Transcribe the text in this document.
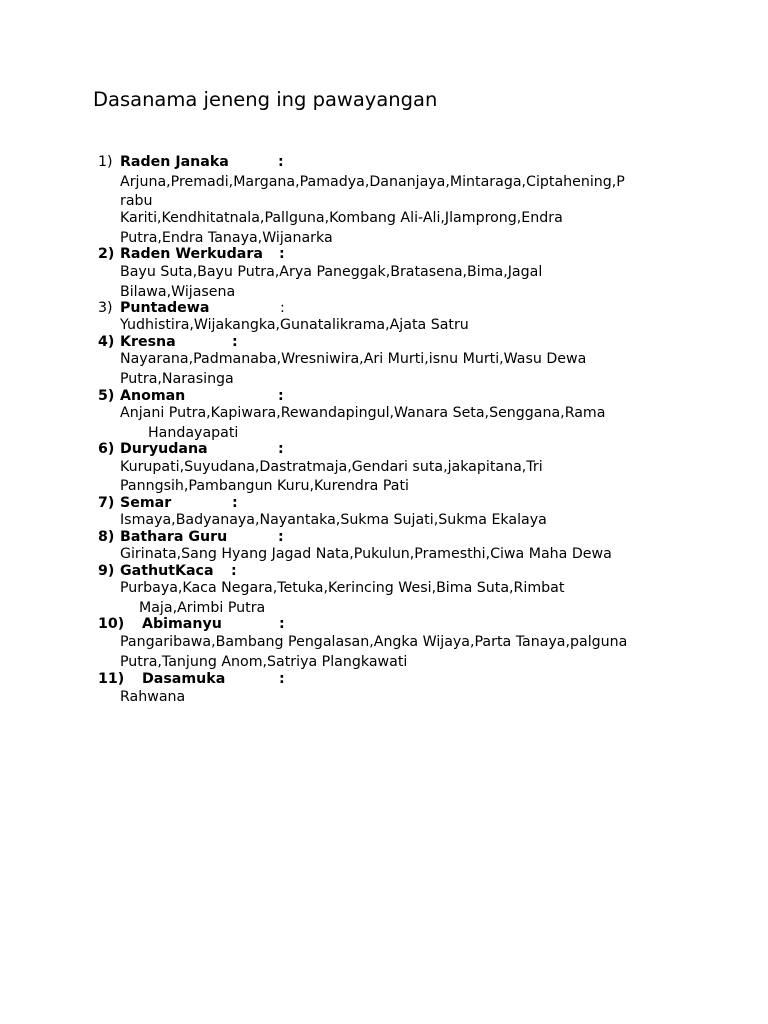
Dasanama jeneng ing pawayangan
1) Raden Janaka	:
Arjuna,Premadi,Margana,Pamadya,Dananjaya,Mintaraga,Ciptahening,P
rabu
Kariti,Kendhitatnala,Pallguna,Kombang Ali-Ali,Jlamprong,Endra
Putra,Endra Tanaya,Wijanarka
2) Raden Werkudara :
Bayu Suta,Bayu Putra,Arya Paneggak,Bratasena,Bima,Jagal
Bilawa,Wijasena
3) Puntadewa	:
Yudhistira,Wijakangka,Gunatalikrama,Ajata Satru
4) Kresna	:
Nayarana,Padmanaba,Wresniwira,Ari Murti,isnu Murti,Wasu Dewa
Putra,Narasinga
5) Anoman	:
Anjani Putra,Kapiwara,Rewandapingul,Wanara Seta,Senggana,Rama
Handayapati
6) Duryudana	:
Kurupati,Suyudana,Dastratmaja,Gendari suta,jakapitana,Tri
Panngsih,Pambangun Kuru,Kurendra Pati
7) Semar	:
Ismaya,Badyanaya,Nayantaka,Sukma Sujati,Sukma Ekalaya
8) Bathara Guru	:
Girinata,Sang Hyang Jagad Nata,Pukulun,Pramesthi,Ciwa Maha Dewa
9) GathutKaca :
Purbaya,Kaca Negara,Tetuka,Kerincing Wesi,Bima Suta,Rimbat
Maja,Arimbi Putra
10) Abimanyu	:
Pangaribawa,Bambang Pengalasan,Angka Wijaya,Parta Tanaya,palguna
Putra,Tanjung Anom,Satriya Plangkawati
11) Dasamuka	:
Rahwana
